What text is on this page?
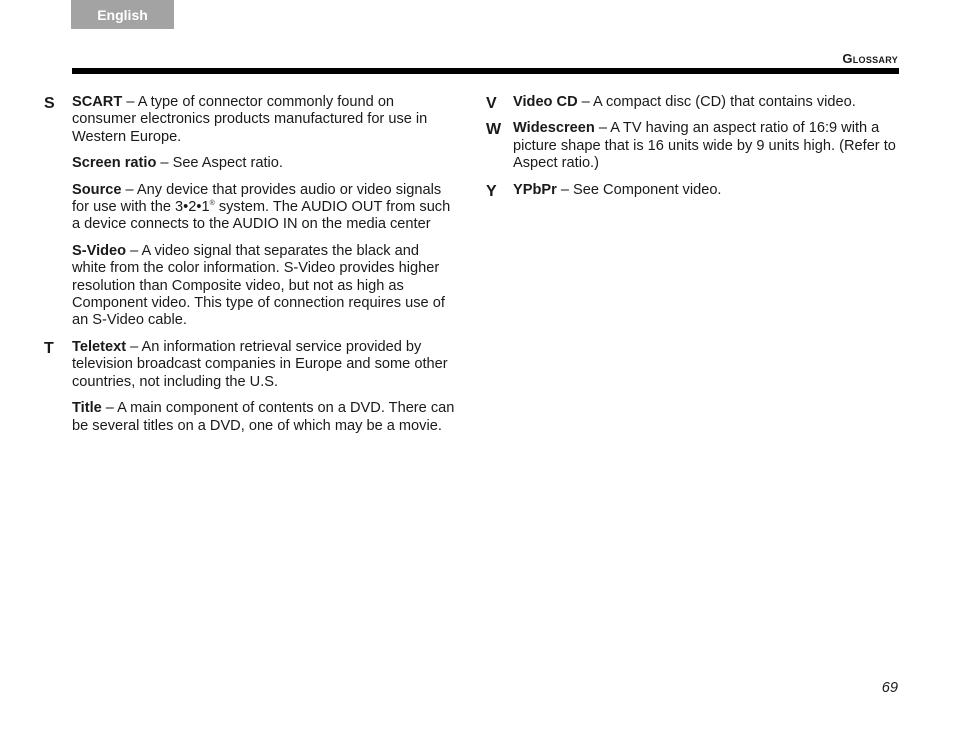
English
Glossary
S SCART – A type of connector commonly found on consumer electronics products manufactured for use in Western Europe.
Screen ratio – See Aspect ratio.
Source – Any device that provides audio or video signals for use with the 3•2•1® system. The AUDIO OUT from such a device connects to the AUDIO IN on the media center
S-Video – A video signal that separates the black and white from the color information. S-Video provides higher resolution than Composite video, but not as high as Component video. This type of connection requires use of an S-Video cable.
T Teletext – An information retrieval service provided by television broadcast companies in Europe and some other countries, not including the U.S.
Title – A main component of contents on a DVD. There can be several titles on a DVD, one of which may be a movie.
V Video CD – A compact disc (CD) that contains video.
W Widescreen – A TV having an aspect ratio of 16:9 with a picture shape that is 16 units wide by 9 units high. (Refer to Aspect ratio.)
Y YPbPr – See Component video.
69
